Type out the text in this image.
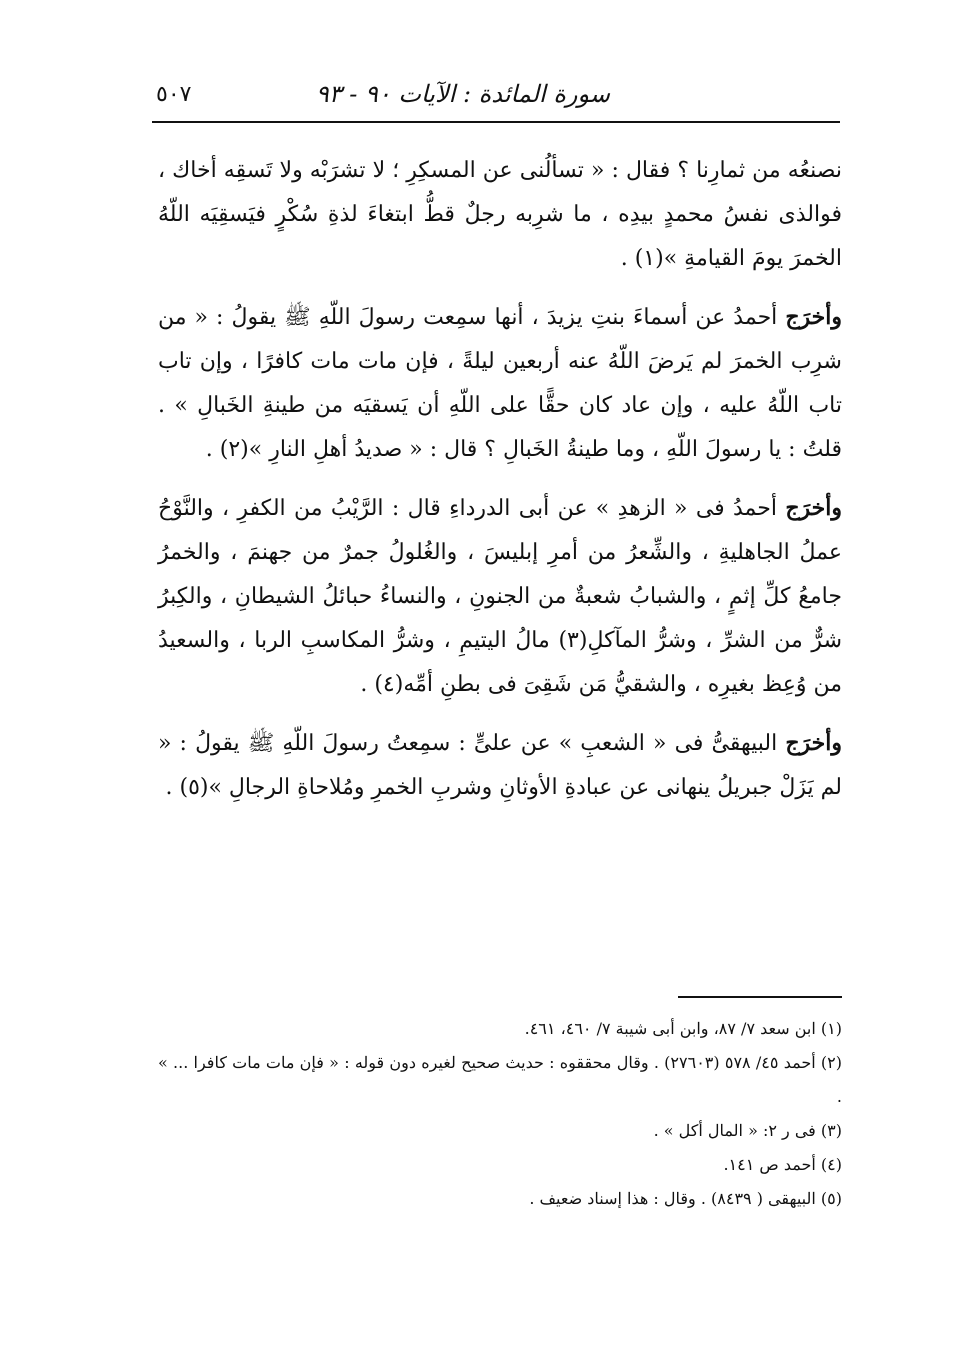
سورة المائدة : الآيات ٩٠ - ٩٣
٥٠٧

نصنعُه من ثمارِنا ؟ فقال : « تسألُنى عن المسكِرِ ؛ لا تشرَبْه ولا تَسقِه أخاك ، فوالذى نفسُ محمدٍ بيدِه ، ما شرِبه رجلٌ قطُّ ابتغاءَ لذةِ سُكْرٍ فيَسقِيَه اللّهُ الخمرَ يومَ القيامةِ »(١) .

وأخرَج أحمدُ عن أسماءَ بنتِ يزيدَ ، أنها سمِعت رسولَ اللّهِ ﷺ يقولُ : « من شرِب الخمرَ لم يَرضَ اللّهُ عنه أربعين ليلةً ، فإن مات مات كافرًا ، وإن تاب تاب اللّهُ عليه ، وإن عاد كان حقًّا على اللّهِ أن يَسقيَه من طينةِ الخَبالِ » . قلتُ : يا رسولَ اللّهِ ، وما طينةُ الخَبالِ ؟ قال : « صديدُ أهلِ النارِ »(٢) .

وأخرَج أحمدُ فى « الزهدِ » عن أبى الدرداءِ قال : الرَّيْبُ من الكفرِ ، والنَّوْحُ عملُ الجاهليةِ ، والشِّعرُ من أمرِ إبليسَ ، والغُلولُ جمرٌ من جهنمَ ، والخمرُ جامعُ كلِّ إثمٍ ، والشبابُ شعبةٌ من الجنونِ ، والنساءُ حبائلُ الشيطانِ ، والكِبرُ شرٌّ من الشرِّ ، وشرُّ المآكلِ(٣) مالُ اليتيمِ ، وشرُّ المكاسبِ الربا ، والسعيدُ من وُعِظ بغيرِه ، والشقيُّ مَن شَقِىَ فى بطنِ أمِّه(٤) .

وأخرَج البيهقىُّ فى « الشعبِ » عن علىٍّ : سمِعتُ رسولَ اللّهِ ﷺ يقولُ : « لم يَزَلْ جبريلُ ينهانى عن عبادةِ الأوثانِ وشربِ الخمرِ ومُلاحاةِ الرجالِ »(٥) .

(١) ابن سعد ٧/ ٨٧، وابن أبى شيبة ٧/ ٤٦٠، ٤٦١.

(٢) أحمد ٤٥/ ٥٧٨ (٢٧٦٠٣) . وقال محققوه : حديث صحيح لغيره دون قوله : « فإن مات مات كافرا ... » .

(٣) فى ر ٢: « المال أكل » .

(٤) أحمد ص ١٤١.

(٥) البيهقى ( ٨٤٣٩) . وقال : هذا إسناد ضعيف .
